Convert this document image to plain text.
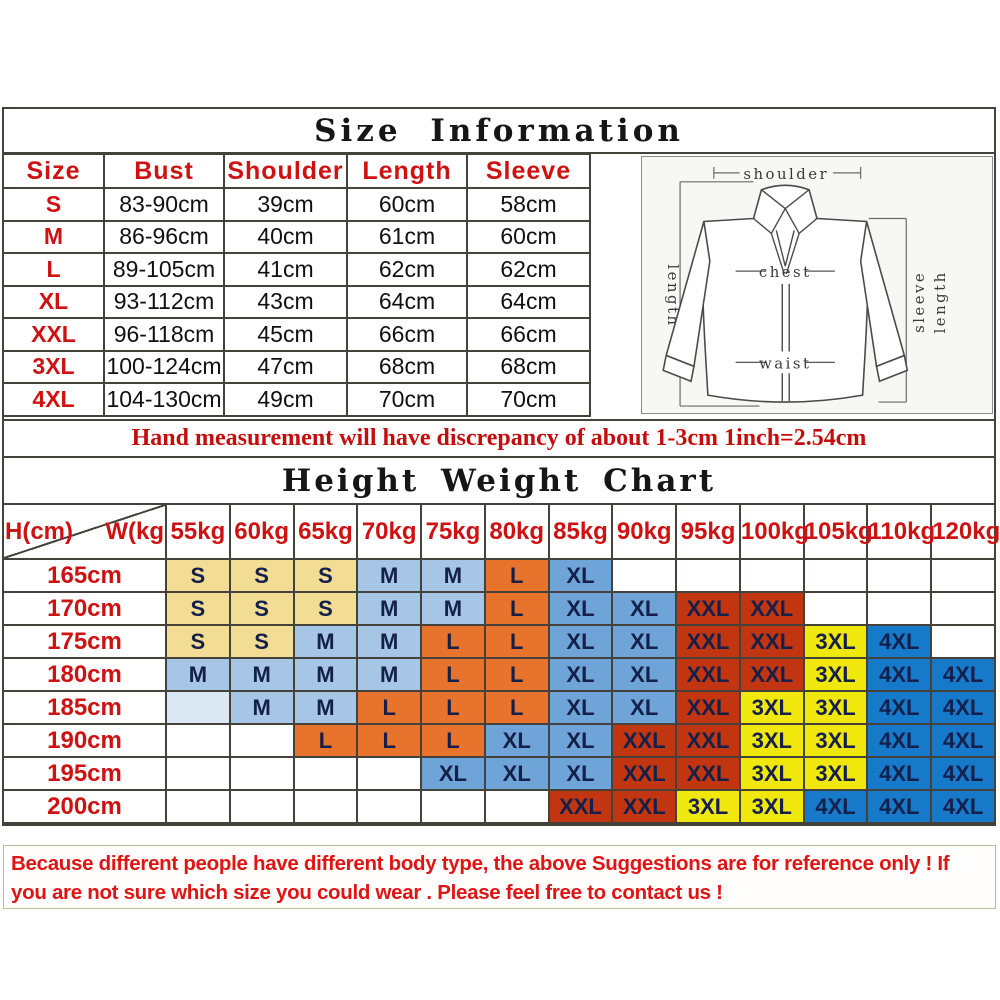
Size Information
Size	Bust	Shoulder	Length	Sleeve
S	83-90cm	39cm	60cm	58cm
M	86-96cm	40cm	61cm	60cm
L	89-105cm	41cm	62cm	62cm
XL	93-112cm	43cm	64cm	64cm
XXL	96-118cm	45cm	66cm	66cm
3XL	100-124cm	47cm	68cm	68cm
4XL	104-130cm	49cm	70cm	70cm
shoulder
length	sleeve length
chest
waist
Hand measurement will have discrepancy of about 1-3cm 1inch=2.54cm
Height Weight Chart
H(cm) W(kg	55kg	60kg	65kg	70kg	75kg	80kg	85kg	90kg	95kg	100kg	105kg	110kg	120kg
165cm	S	S	S	M	M	L	XL						
170cm	S	S	S	M	M	L	XL	XL	XXL	XXL			
175cm	S	S	M	M	L	L	XL	XL	XXL	XXL	3XL	4XL	
180cm	M	M	M	M	L	L	XL	XL	XXL	XXL	3XL	4XL	4XL
185cm		M	M	L	L	L	XL	XL	XXL	3XL	3XL	4XL	4XL
190cm			L	L	L	XL	XL	XXL	XXL	3XL	3XL	4XL	4XL
195cm					XL	XL	XL	XXL	XXL	3XL	3XL	4XL	4XL
200cm							XXL	XXL	3XL	3XL	4XL	4XL	4XL
Because different people have different body type, the above Suggestions are for reference only ! If
you are not sure which size you could wear . Please feel free to contact us !
